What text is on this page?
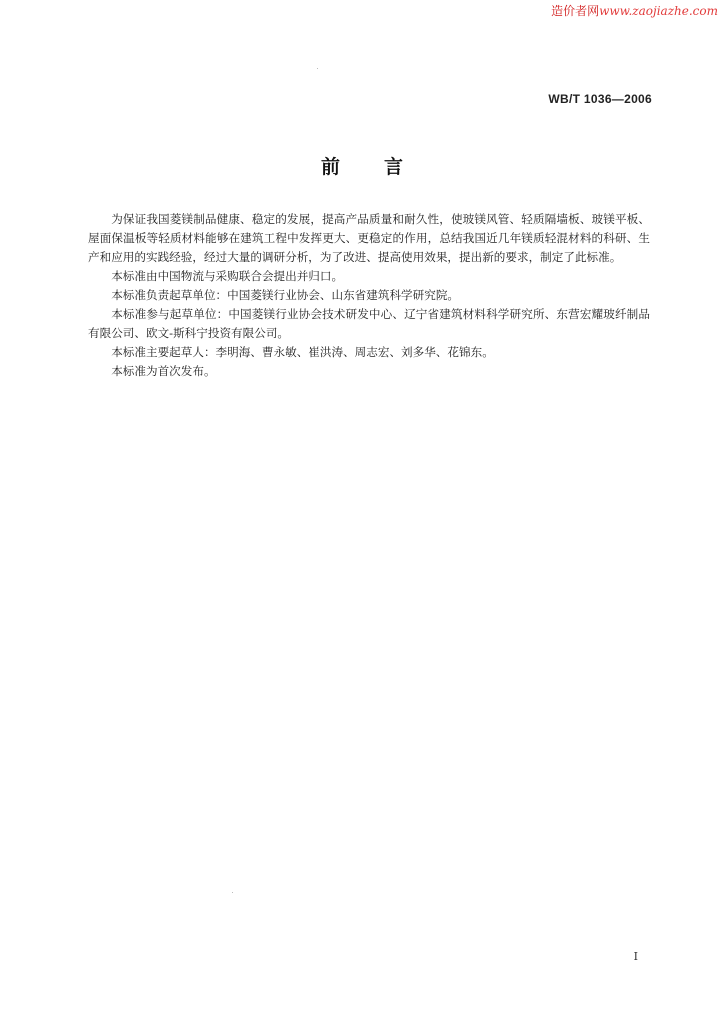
造价者网www.zaojiazhe.com
WB/T 1036—2006
前言

为保证我国菱镁制品健康、稳定的发展，提高产品质量和耐久性，使玻镁风管、轻质隔墙板、玻镁平板、屋面保温板等轻质材料能够在建筑工程中发挥更大、更稳定的作用，总结我国近几年镁质轻混材料的科研、生产和应用的实践经验，经过大量的调研分析，为了改进、提高使用效果，提出新的要求，制定了此标准。

本标准由中国物流与采购联合会提出并归口。

本标准负责起草单位：中国菱镁行业协会、山东省建筑科学研究院。

本标准参与起草单位：中国菱镁行业协会技术研发中心、辽宁省建筑材料科学研究所、东营宏耀玻纤制品有限公司、欧文-斯科宁投资有限公司。

本标准主要起草人：李明海、曹永敏、崔洪涛、周志宏、刘多华、花锦东。

本标准为首次发布。

I
